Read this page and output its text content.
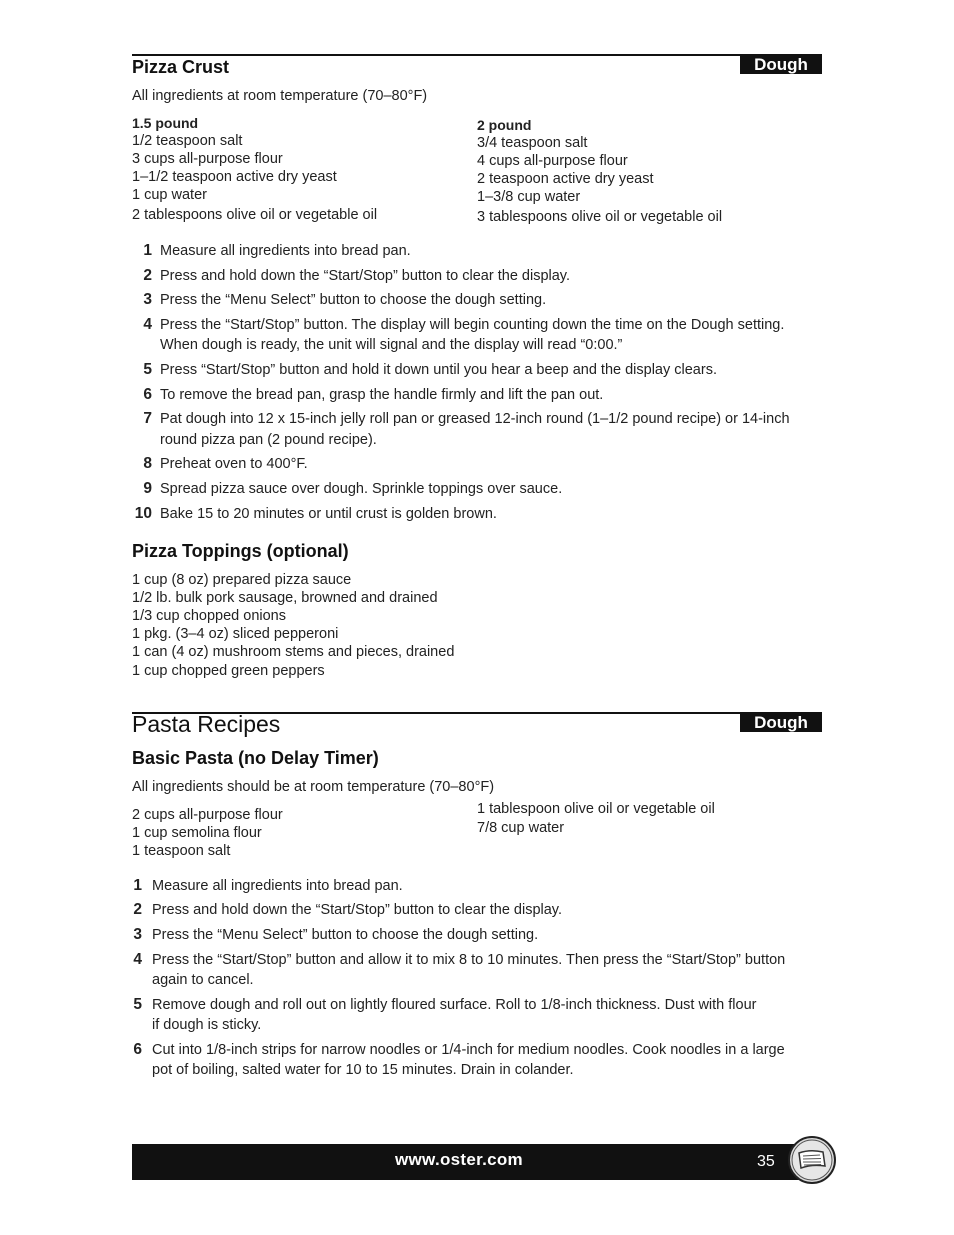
Dough
Pizza Crust
All ingredients at room temperature (70–80°F)
1.5 pound
1/2 teaspoon salt
3 cups all-purpose flour
1–1/2 teaspoon active dry yeast
1 cup water
2 tablespoons olive oil or vegetable oil
2 pound
3/4 teaspoon salt
4 cups all-purpose flour
2 teaspoon active dry yeast
1–3/8 cup water
3 tablespoons olive oil or vegetable oil
1 Measure all ingredients into bread pan.
2 Press and hold down the “Start/Stop” button to clear the display.
3 Press the “Menu Select” button to choose the dough setting.
4 Press the “Start/Stop” button. The display will begin counting down the time on the Dough setting.
When dough is ready, the unit will signal and the display will read “0:00.”
5 Press “Start/Stop” button and hold it down until you hear a beep and the display clears.
6 To remove the bread pan, grasp the handle firmly and lift the pan out.
7 Pat dough into 12 x 15-inch jelly roll pan or greased 12-inch round (1–1/2 pound recipe) or 14-inch
round pizza pan (2 pound recipe).
8 Preheat oven to 400°F.
9 Spread pizza sauce over dough. Sprinkle toppings over sauce.
10 Bake 15 to 20 minutes or until crust is golden brown.
Pizza Toppings (optional)
1 cup (8 oz) prepared pizza sauce
1/2 lb. bulk pork sausage, browned and drained
1/3 cup chopped onions
1 pkg. (3–4 oz) sliced pepperoni
1 can (4 oz) mushroom stems and pieces, drained
1 cup chopped green peppers
Dough
Pasta Recipes
Basic Pasta (no Delay Timer)
All ingredients should be at room temperature (70–80°F)
2 cups all-purpose flour
1 cup semolina flour
1 teaspoon salt
1 tablespoon olive oil or vegetable oil
7/8 cup water
1 Measure all ingredients into bread pan.
2 Press and hold down the “Start/Stop” button to clear the display.
3 Press the “Menu Select” button to choose the dough setting.
4 Press the “Start/Stop” button and allow it to mix 8 to 10 minutes. Then press the “Start/Stop” button
again to cancel.
5 Remove dough and roll out on lightly floured surface. Roll to 1/8-inch thickness. Dust with flour
if dough is sticky.
6 Cut into 1/8-inch strips for narrow noodles or 1/4-inch for medium noodles. Cook noodles in a large
pot of boiling, salted water for 10 to 15 minutes. Drain in colander.
www.oster.com	35
